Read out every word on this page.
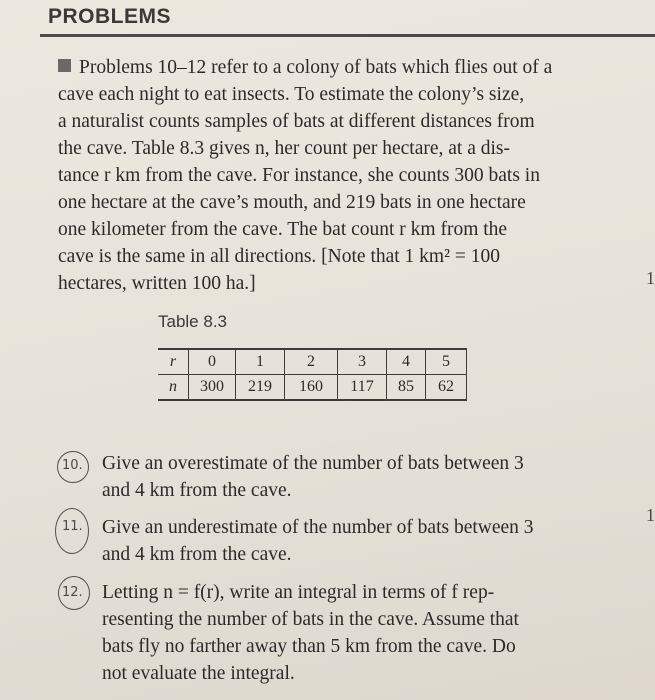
PROBLEMS
Problems 10–12 refer to a colony of bats which flies out of a
cave each night to eat insects. To estimate the colony’s size,
a naturalist counts samples of bats at different distances from
the cave. Table 8.3 gives n, her count per hectare, at a dis-
tance r km from the cave. For instance, she counts 300 bats in
one hectare at the cave’s mouth, and 219 bats in one hectare
one kilometer from the cave. The bat count r km from the
cave is the same in all directions. [Note that 1 km² = 100
hectares, written 100 ha.]	1
1
Table 8.3
r	0	1	2	3	4	5
n	300	219	160	117	85	62
10. Give an overestimate of the number of bats between 3
and 4 km from the cave.
11. Give an underestimate of the number of bats between 3
and 4 km from the cave.
12. Letting n = f(r), write an integral in terms of f rep-
resenting the number of bats in the cave. Assume that
bats fly no farther away than 5 km from the cave. Do
not evaluate the integral.
